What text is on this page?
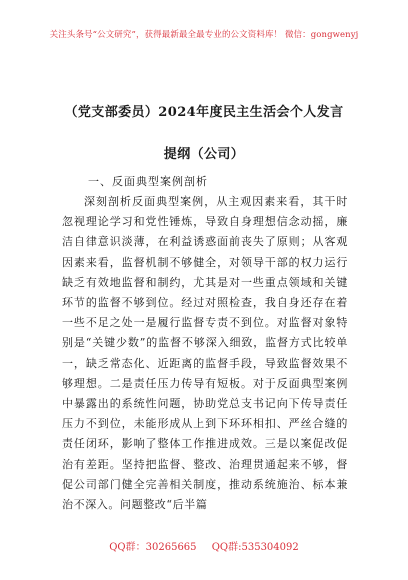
关注头条号“公文研究”，获得最新最全最专业的公文资料库！ 微信：gongwenyj
（党支部委员）2024年度民主生活会个人发言提纲（公司）
一、反面典型案例剖析

深刻剖析反面典型案例，从主观因素来看，其干时忽视理论学习和党性锤炼，导致自身理想信念动摇，廉洁自律意识淡薄，在利益诱惑面前丧失了原则；从客观因素来看，监督机制不够健全，对领导干部的权力运行缺乏有效地监督和制约，尤其是对一些重点领域和关键环节的监督不够到位。经过对照检查，我自身还存在着一些不足之处一是履行监督专责不到位。对监督对象特别是“关键少数”的监督不够深入细致，监督方式比较单一，缺乏常态化、近距离的监督手段，导致监督效果不够理想。二是责任压力传导有短板。对于反面典型案例中暴露出的系统性问题，协助党总支书记向下传导责任压力不到位，未能形成从上到下环环相扣、严丝合缝的责任闭环，影响了整体工作推进成效。三是以案促改促治有差距。坚持把监督、整改、治理贯通起来不够，督促公司部门健全完善相关制度，推动系统施治、标本兼治不深入。问题整改“后半篇

QQ群：30265665 QQ群:535304092
